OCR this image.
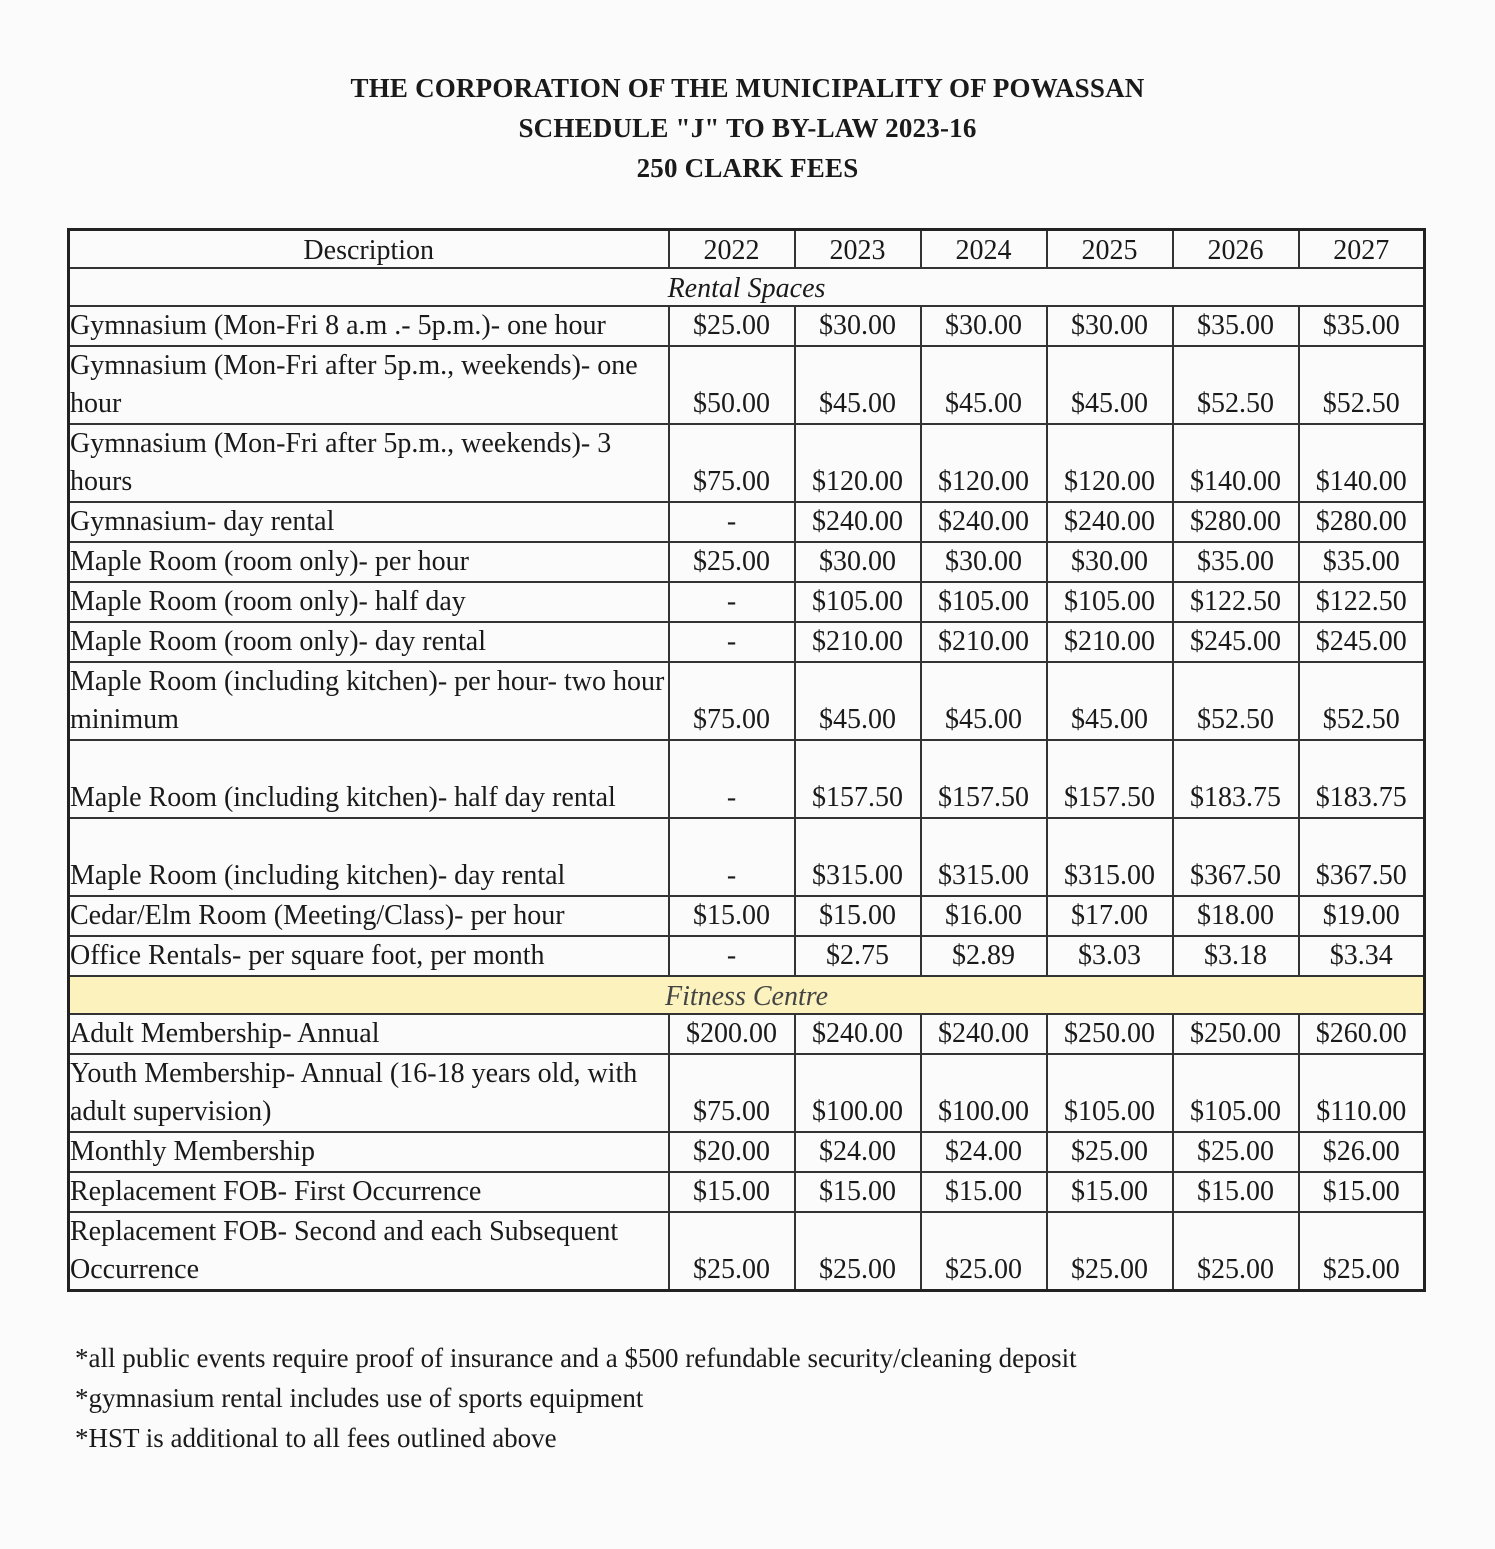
THE CORPORATION OF THE MUNICIPALITY OF POWASSAN
SCHEDULE "J" TO BY-LAW 2023-16
250 CLARK FEES
Description	2022	2023	2024	2025	2026	2027
Rental Spaces						
Gymnasium (Mon-Fri 8 a.m .- 5p.m.)- one hour	$25.00	$30.00	$30.00	$30.00	$35.00	$35.00
Gymnasium (Mon-Fri after 5p.m., weekends)- one hour	$50.00	$45.00	$45.00	$45.00	$52.50	$52.50
Gymnasium (Mon-Fri after 5p.m., weekends)- 3 hours	$75.00	$120.00	$120.00	$120.00	$140.00	$140.00
Gymnasium- day rental	-	$240.00	$240.00	$240.00	$280.00	$280.00
Maple Room (room only)- per hour	$25.00	$30.00	$30.00	$30.00	$35.00	$35.00
Maple Room (room only)- half day	-	$105.00	$105.00	$105.00	$122.50	$122.50
Maple Room (room only)- day rental	-	$210.00	$210.00	$210.00	$245.00	$245.00
Maple Room (including kitchen)- per hour- two hour minimum	$75.00	$45.00	$45.00	$45.00	$52.50	$52.50
Maple Room (including kitchen)- half day rental	-	$157.50	$157.50	$157.50	$183.75	$183.75
Maple Room (including kitchen)- day rental	-	$315.00	$315.00	$315.00	$367.50	$367.50
Cedar/Elm Room (Meeting/Class)- per hour	$15.00	$15.00	$16.00	$17.00	$18.00	$19.00
Office Rentals- per square foot, per month	-	$2.75	$2.89	$3.03	$3.18	$3.34
Fitness Centre						
Adult Membership- Annual	$200.00	$240.00	$240.00	$250.00	$250.00	$260.00
Youth Membership- Annual (16-18 years old, with adult supervision)	$75.00	$100.00	$100.00	$105.00	$105.00	$110.00
Monthly Membership	$20.00	$24.00	$24.00	$25.00	$25.00	$26.00
Replacement FOB- First Occurrence	$15.00	$15.00	$15.00	$15.00	$15.00	$15.00
Replacement FOB- Second and each Subsequent Occurrence	$25.00	$25.00	$25.00	$25.00	$25.00	$25.00
*all public events require proof of insurance and a $500 refundable security/cleaning deposit
*gymnasium rental includes use of sports equipment
*HST is additional to all fees outlined above
